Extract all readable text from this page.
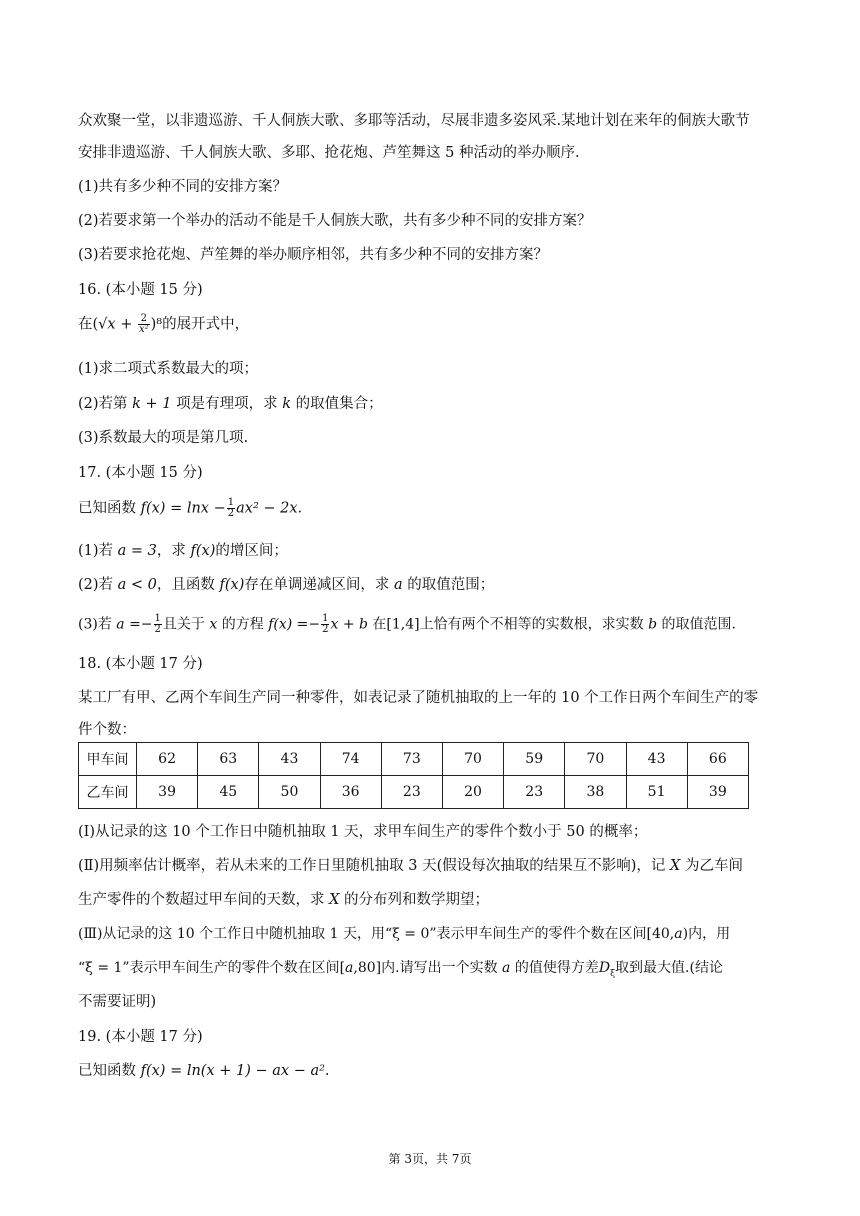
众欢聚一堂，以非遗巡游、千人侗族大歌、多耶等活动，尽展非遗多姿风采.某地计划在来年的侗族大歌节
安排非遗巡游、千人侗族大歌、多耶、抢花炮、芦笙舞这 5 种活动的举办顺序.
(1)共有多少种不同的安排方案？
(2)若要求第一个举办的活动不能是千人侗族大歌，共有多少种不同的安排方案？
(3)若要求抢花炮、芦笙舞的举办顺序相邻，共有多少种不同的安排方案？
16. (本小题 15 分)
在$(√x + \frac{2}{\text{x²}} )^8$的展开式中，
(1)求二项式系数最大的项；
(2)若第 k + 1 项是有理项，求 k 的取值集合；
(3)系数最大的项是第几项.
17. (本小题 15 分)
已知函数 $f(x) = \ln x - \frac{1}{2} ax^2 - 2x$.
(1)若 a = 3，求 f(x)的增区间；
(2)若 a < 0，且函数 f(x)存在单调递减区间，求 a 的取值范围；
(3)若 $a =- \frac{1}{2}$ 且关于 x 的方程 $f(x) =- \frac{1}{2}$ x + b 在[1,4]上恰有两个不相等的实数根，求实数 b 的取值范围.
18. (本小题 17 分)
某工厂有甲、乙两个车间生产同一种零件，如表记录了随机抽取的上一年的 10 个工作日两个车间生产的零
件个数：
甲车间	62	63	43	74	73	70	59	70	43	66
乙车间	39	45	50	36	23	20	23	38	51	39
(Ⅰ)从记录的这 10 个工作日中随机抽取 1 天，求甲车间生产的零件个数小于 50 的概率；
(Ⅱ)用频率估计概率，若从未来的工作日里随机抽取 3 天(假设每次抽取的结果互不影响)，记 X 为乙车间
生产零件的个数超过甲车间的天数，求 X 的分布列和数学期望；
(Ⅲ)从记录的这 10 个工作日中随机抽取 1 天，用“ξ = 0”表示甲车间生产的零件个数在区间[40,a)内，用
“ξ = 1”表示甲车间生产的零件个数在区间[a,80]内.请写出一个实数 a 的值使得方差$D_\xi$取到最大值.(结论
不需要证明)
19. (本小题 17 分)
已知函数 f(x) = ln(x + 1) − ax − a².
第 3页，共 7页
